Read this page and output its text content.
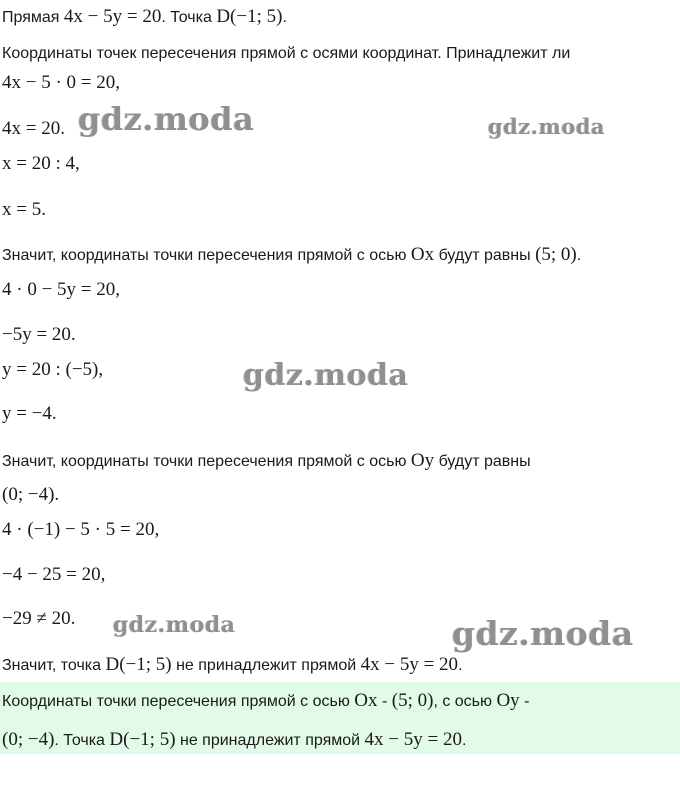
Прямая 4x − 5y = 20. Точка D(−1; 5).
Координаты точек пересечения прямой с осями координат. Принадлежит ли
4x − 5 · 0 = 20,
4x = 20.
x = 20 : 4,
x = 5.
Значит, координаты точки пересечения прямой с осью Ox будут равны (5; 0).
4 · 0 − 5y = 20,
−5y = 20.
y = 20 : (−5),
y = −4.
Значит, координаты точки пересечения прямой с осью Oy будут равны
(0; −4).
4 · (−1) − 5 · 5 = 20,
−4 − 25 = 20,
−29 ≠ 20.
Значит, точка D(−1; 5) не принадлежит прямой 4x − 5y = 20.
Координаты точки пересечения прямой с осью Ox - (5; 0), с осью Oy -
(0; −4). Точка D(−1; 5) не принадлежит прямой 4x − 5y = 20.
gdz.moda	gdz.moda
gdz.moda
gdz.moda	gdz.moda
